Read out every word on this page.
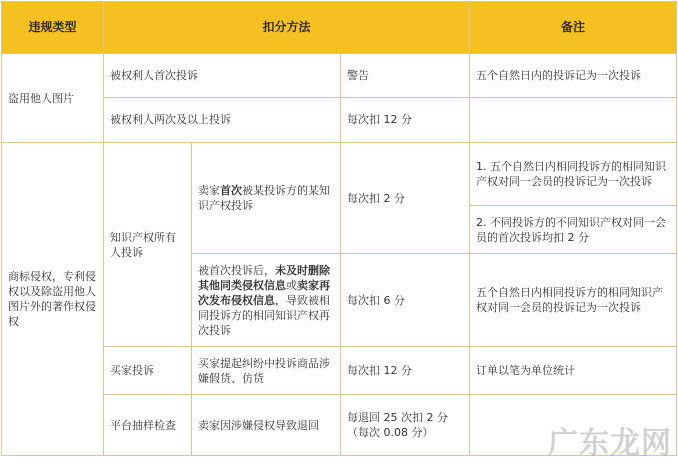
违规类型	扣分方法			备注
盗用他人图片	被权利人首次投诉		警告	五个自然日内的投诉记为一次投诉
	被权利人两次及以上投诉		每次扣 12 分	
商标侵权，专利侵权以及除盗用他人图片外的著作权侵权	知识产权所有人投诉	卖家首次被某投诉方的某知识产权投诉	每次扣 2 分	1. 五个自然日内相同投诉方的相同知识产权对同一会员的投诉记为一次投诉
				2. 不同投诉方的不同知识产权对同一会员的首次投诉均扣 2 分
		被首次投诉后，未及时删除其他同类侵权信息或卖家再次发布侵权信息，导致被相同投诉方的相同知识产权再次投诉	每次扣 6 分	五个自然日内相同投诉方的相同知识产权对同一会员的投诉记为一次投诉
	买家投诉	买家提起纠纷中投诉商品涉嫌假货、仿货	每次扣 12 分	订单以笔为单位统计
	平台抽样检查	卖家因涉嫌侵权导致退回	每退回 25 次扣 2 分
（每次 0.08 分）		广东龙网
